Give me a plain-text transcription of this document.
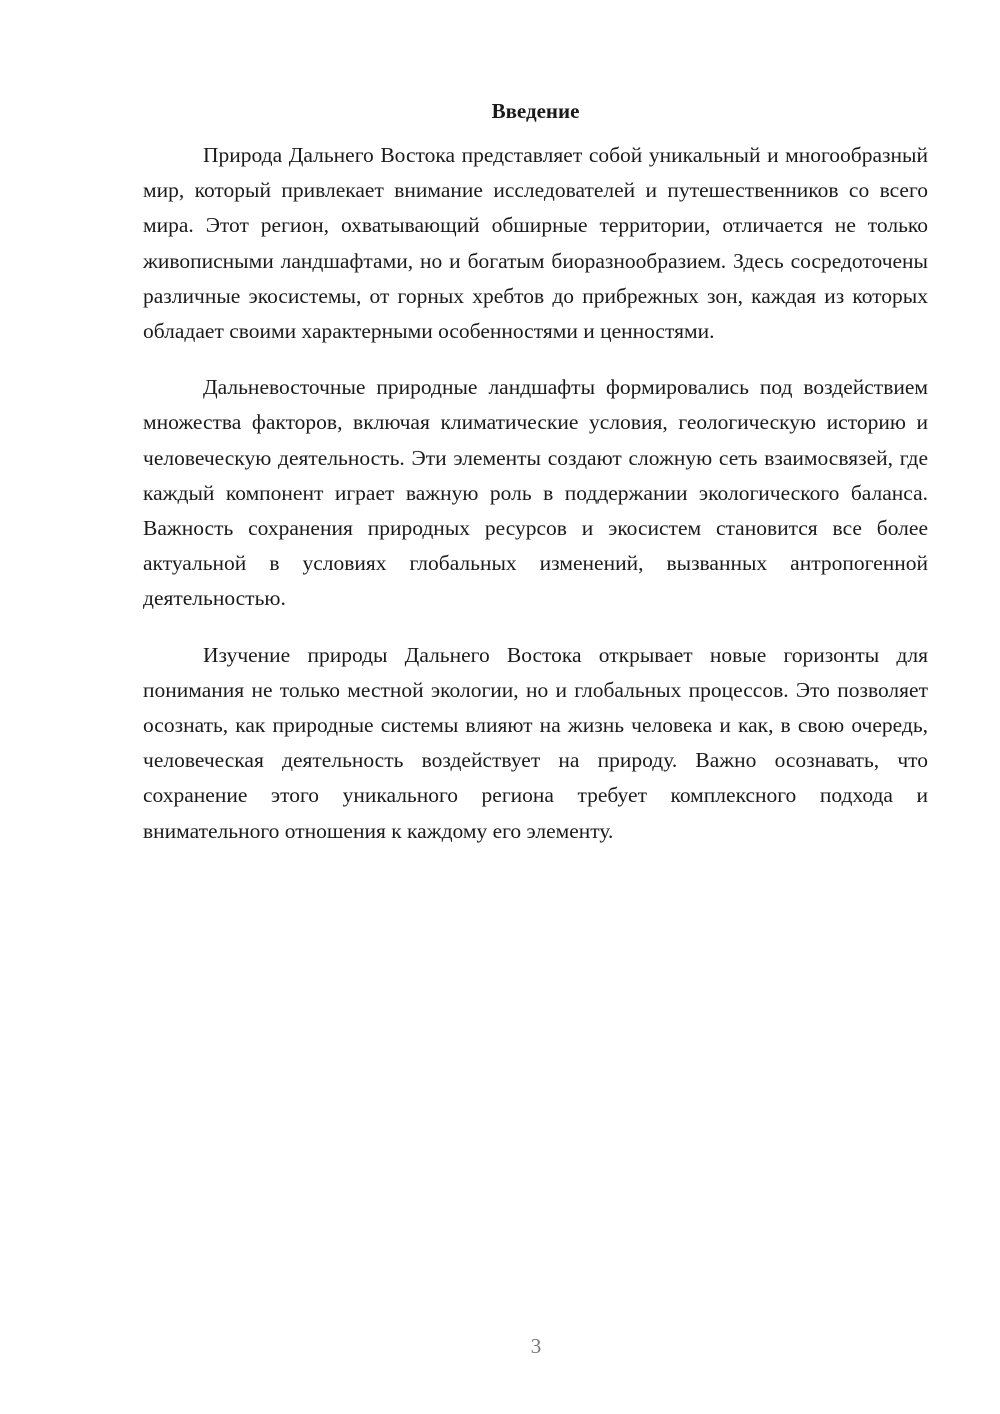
Введение

Природа Дальнего Востока представляет собой уникальный и многообразный мир, который привлекает внимание исследователей и путешественников со всего мира. Этот регион, охватывающий обширные территории, отличается не только живописными ландшафтами, но и богатым биоразнообразием. Здесь сосредоточены различные экосистемы, от горных хребтов до прибрежных зон, каждая из которых обладает своими характерными особенностями и ценностями.

Дальневосточные природные ландшафты формировались под воздействием множества факторов, включая климатические условия, геологическую историю и человеческую деятельность. Эти элементы создают сложную сеть взаимосвязей, где каждый компонент играет важную роль в поддержании экологического баланса. Важность сохранения природных ресурсов и экосистем становится все более актуальной в условиях глобальных изменений, вызванных антропогенной деятельностью.

Изучение природы Дальнего Востока открывает новые горизонты для понимания не только местной экологии, но и глобальных процессов. Это позволяет осознать, как природные системы влияют на жизнь человека и как, в свою очередь, человеческая деятельность воздействует на природу. Важно осознавать, что сохранение этого уникального региона требует комплексного подхода и внимательного отношения к каждому его элементу.

3
